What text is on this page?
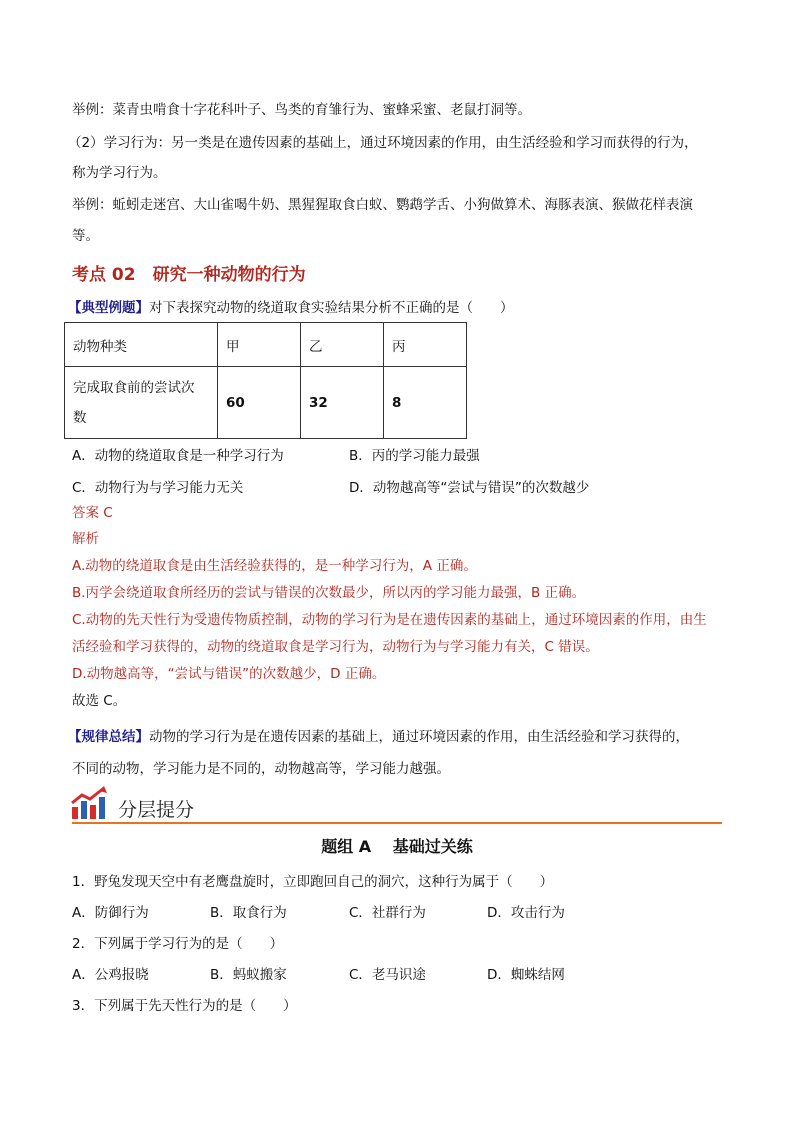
举例：菜青虫啃食十字花科叶子、鸟类的育雏行为、蜜蜂采蜜、老鼠打洞等。
（2）学习行为：另一类是在遗传因素的基础上，通过环境因素的作用，由生活经验和学习而获得的行为，
称为学习行为。
举例：蚯蚓走迷宫、大山雀喝牛奶、黑猩猩取食白蚁、鹦鹉学舌、小狗做算术、海豚表演、猴做花样表演
等。
考点 02　研究一种动物的行为
【典型例题】对下表探究动物的绕道取食实验结果分析不正确的是（　　）
动物种类	甲	乙	丙
完成取食前的尝试次
数	60	32	8
A．动物的绕道取食是一种学习行为	B．丙的学习能力最强
C．动物行为与学习能力无关	D．动物越高等“尝试与错误”的次数越少
答案 C
解析
A.动物的绕道取食是由生活经验获得的，是一种学习行为，A 正确。
B.丙学会绕道取食所经历的尝试与错误的次数最少，所以丙的学习能力最强，B 正确。
C.动物的先天性行为受遗传物质控制，动物的学习行为是在遗传因素的基础上，通过环境因素的作用，由生
活经验和学习获得的，动物的绕道取食是学习行为，动物行为与学习能力有关，C 错误。
D.动物越高等，“尝试与错误”的次数越少，D 正确。
故选 C。
【规律总结】动物的学习行为是在遗传因素的基础上，通过环境因素的作用，由生活经验和学习获得的，
不同的动物，学习能力是不同的，动物越高等，学习能力越强。
分层提分
题组 A　 基础过关练
1．野兔发现天空中有老鹰盘旋时，立即跑回自己的洞穴，这种行为属于（　　）
A．防御行为	B．取食行为	C．社群行为	D．攻击行为
2．下列属于学习行为的是（　　）
A．公鸡报晓	B．蚂蚁搬家	C．老马识途	D．蜘蛛结网
3．下列属于先天性行为的是（　　）
